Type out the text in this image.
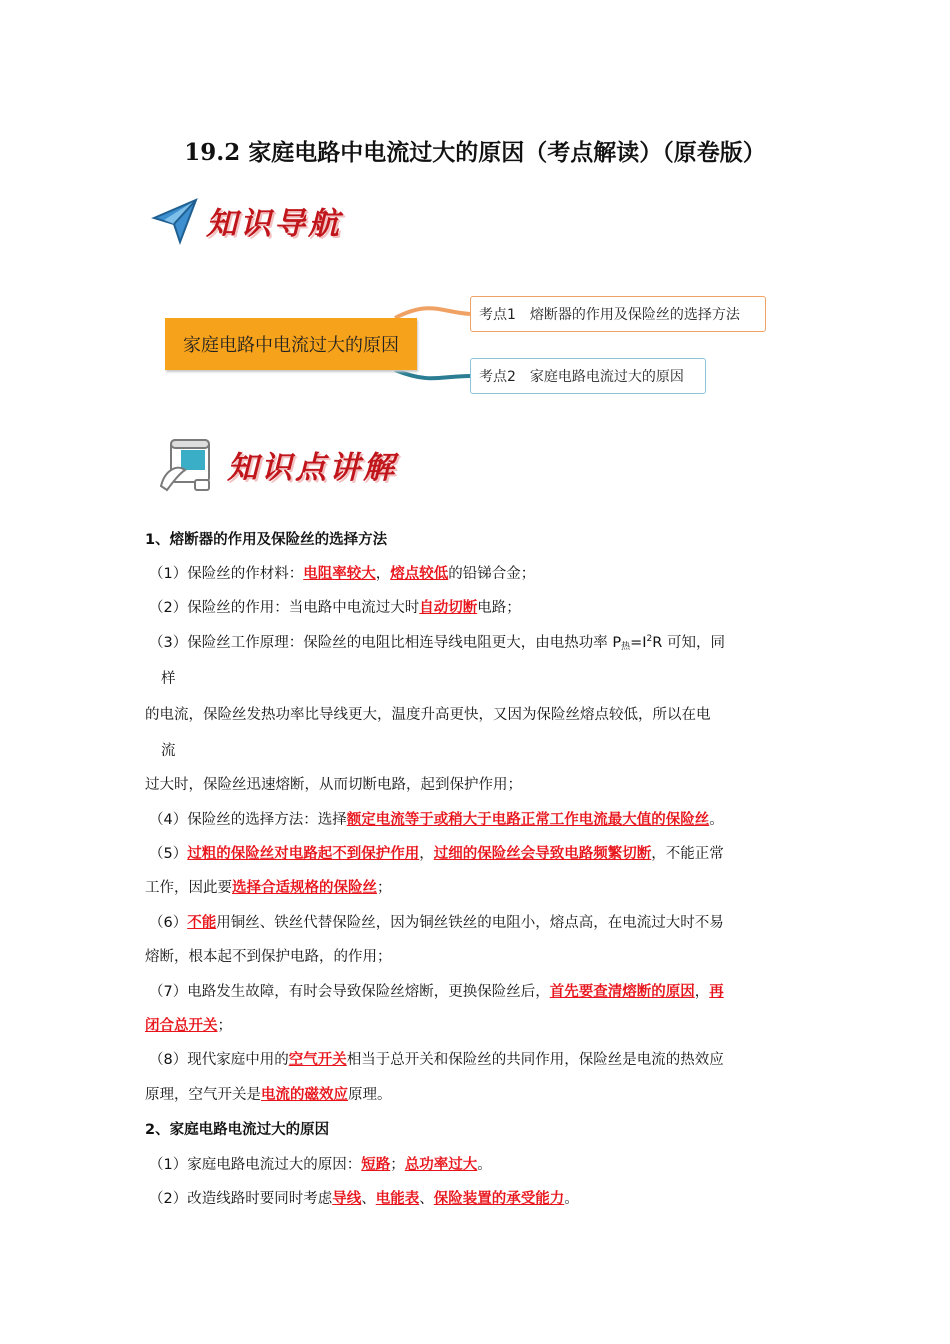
19.2 家庭电路中电流过大的原因（考点解读）（原卷版）
知识导航
家庭电路中电流过大的原因
考点1 熔断器的作用及保险丝的选择方法
考点2 家庭电路电流过大的原因
知识点讲解
1、熔断器的作用及保险丝的选择方法
（1）保险丝的作材料：电阻率较大，熔点较低的铅锑合金；
（2）保险丝的作用：当电路中电流过大时自动切断电路；
（3）保险丝工作原理：保险丝的电阻比相连导线电阻更大，由电热功率 $P_热=I^2R$ 可知，同
样
的电流，保险丝发热功率比导线更大，温度升高更快，又因为保险丝熔点较低，所以在电
流
过大时，保险丝迅速熔断，从而切断电路，起到保护作用；
（4）保险丝的选择方法：选择额定电流等于或稍大于电路正常工作电流最大值的保险丝。
（5）过粗的保险丝对电路起不到保护作用，过细的保险丝会导致电路频繁切断，不能正常
工作，因此要选择合适规格的保险丝；
（6）不能用铜丝、铁丝代替保险丝，因为铜丝铁丝的电阻小，熔点高，在电流过大时不易
熔断，根本起不到保护电路，的作用；
（7）电路发生故障，有时会导致保险丝熔断，更换保险丝后，首先要查清熔断的原因，再
闭合总开关；
（8）现代家庭中用的空气开关相当于总开关和保险丝的共同作用，保险丝是电流的热效应
原理，空气开关是电流的磁效应原理。
2、家庭电路电流过大的原因
（1）家庭电路电流过大的原因：短路；总功率过大。
（2）改造线路时要同时考虑导线、电能表、保险装置的承受能力。
